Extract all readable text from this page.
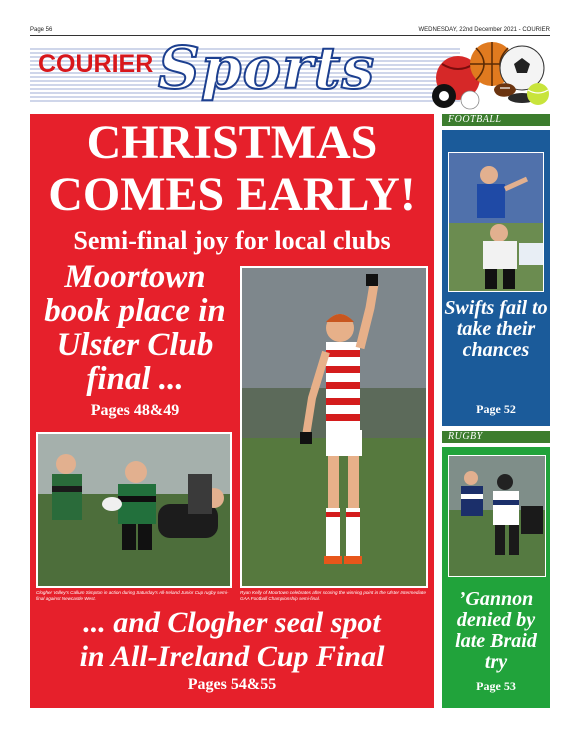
Page 56	WEDNESDAY, 22nd December 2021 - COURIER
COURIER Sports
CHRISTMAS
COMES EARLY!
Semi-final joy for local clubs
Moortown book place in Ulster Club final ...
Pages 48&49
Clogher Valley's Callum Simpton in action during Saturday's All-Ireland Junior Cup rugby semi-final against Newcastle West.
Ryan Kelly of Moortown celebrates after scoring the winning point in the Ulster Intermediate GAA Football Championship semi-final.
... and Clogher seal spot
in All-Ireland Cup Final
Pages 54&55
FOOTBALL
Swifts fail to take their chances
Page 52
RUGBY
’Gannon denied by late Braid try
Page 53
